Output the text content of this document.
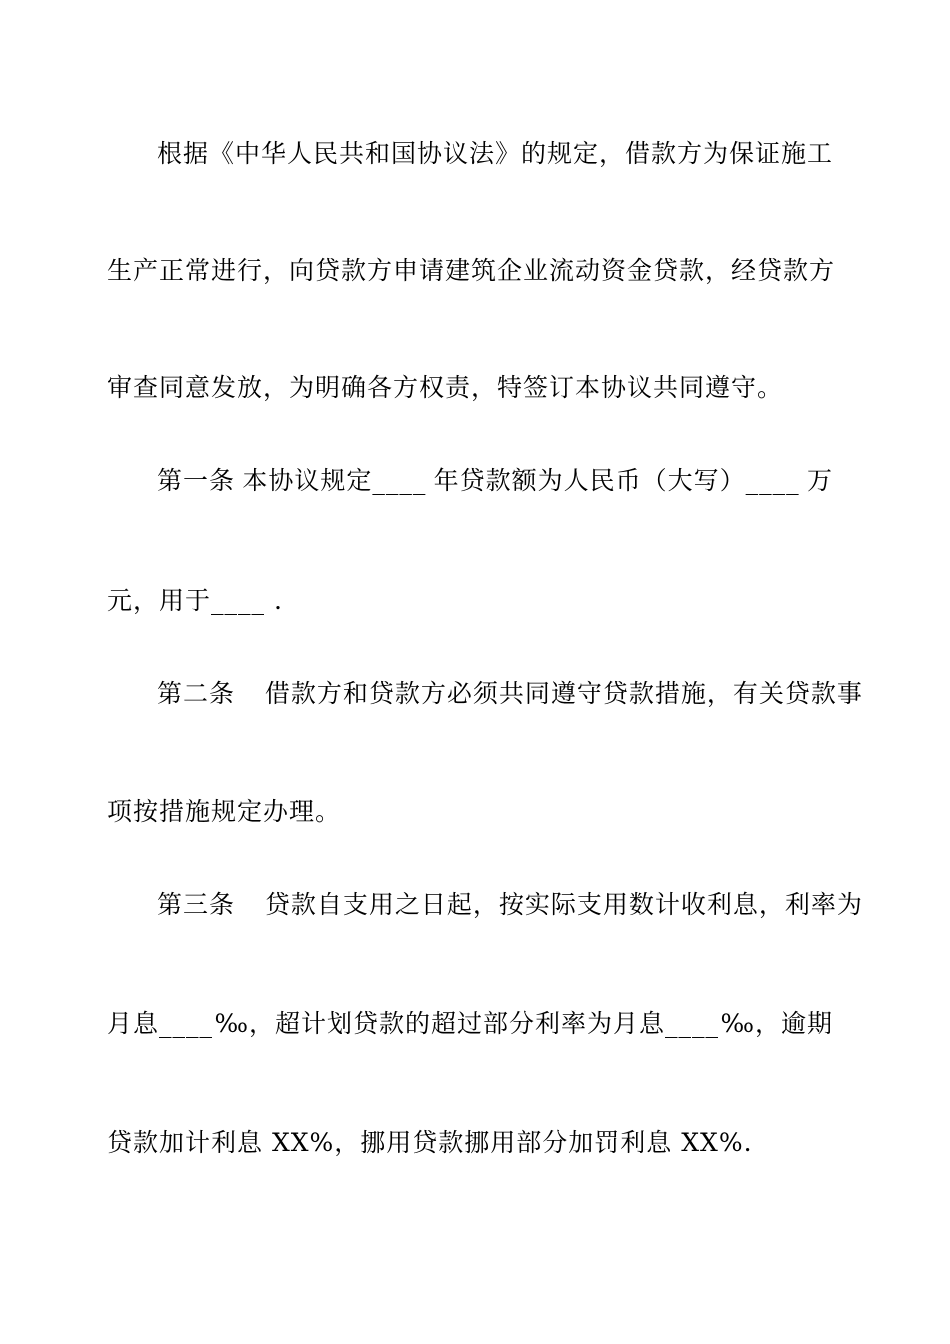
根据《中华人民共和国协议法》的规定，借款方为保证施工

生产正常进行，向贷款方申请建筑企业流动资金贷款，经贷款方

审查同意发放，为明确各方权责，特签订本协议共同遵守。

第一条 本协议规定____ 年贷款额为人民币（大写）____ 万

元，用于____ .

第二条 借款方和贷款方必须共同遵守贷款措施，有关贷款事

项按措施规定办理。

第三条 贷款自支用之日起，按实际支用数计收利息，利率为
月息____ ‰，超计划贷款的超过部分利率为月息____ ‰，逾期

贷款加计利息 XX%，挪用贷款挪用部分加罚利息 XX%.
